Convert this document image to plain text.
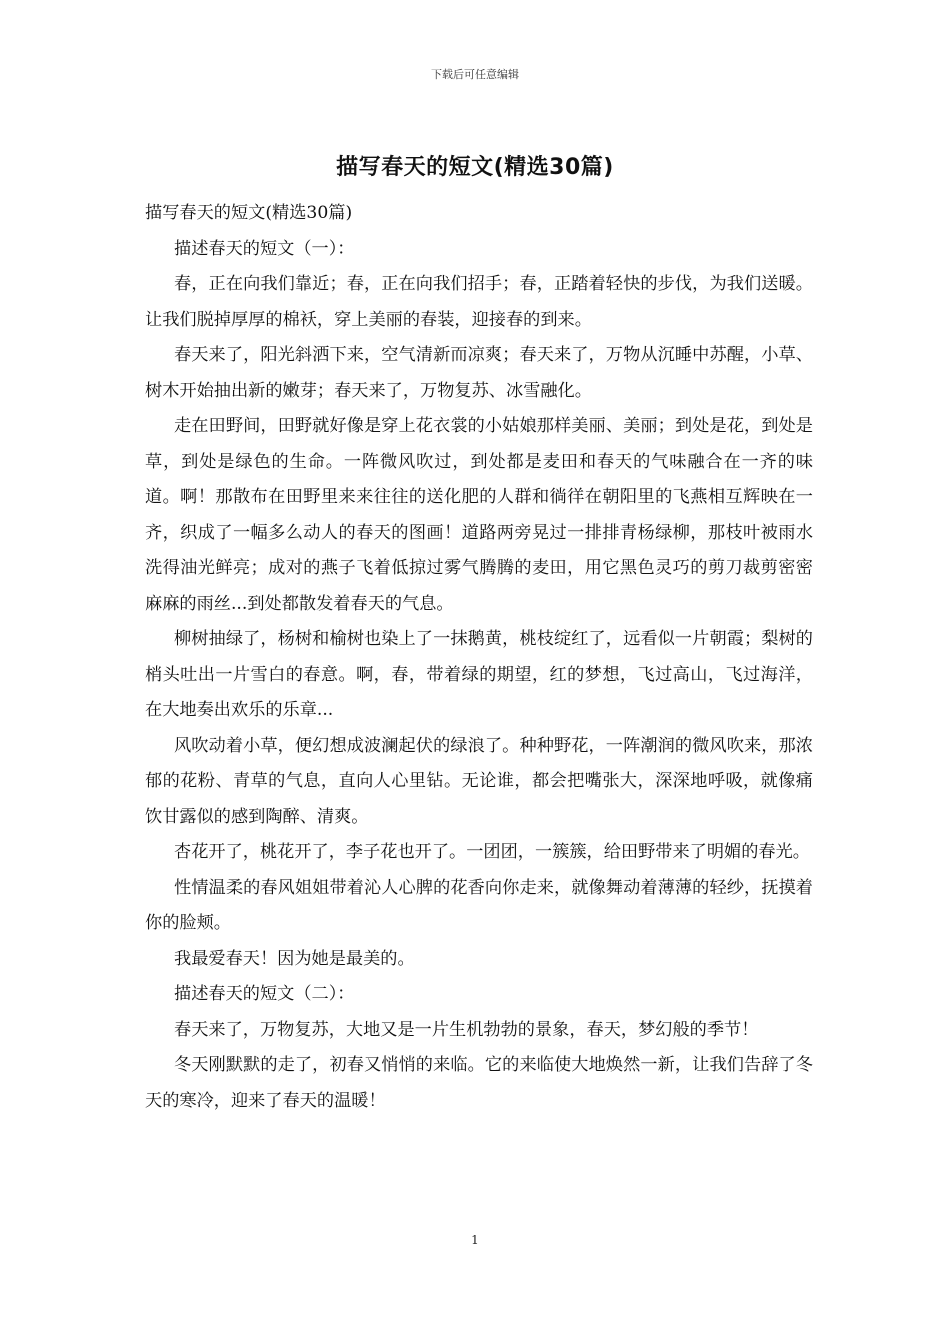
下载后可任意编辑
描写春天的短文(精选30篇)

描写春天的短文(精选30篇)

描述春天的短文（一）：

春，正在向我们靠近；春，正在向我们招手；春，正踏着轻快的步伐，为我们送暖。让我们脱掉厚厚的棉袄，穿上美丽的春装，迎接春的到来。

春天来了，阳光斜洒下来，空气清新而凉爽；春天来了，万物从沉睡中苏醒，小草、树木开始抽出新的嫩芽；春天来了，万物复苏、冰雪融化。

走在田野间，田野就好像是穿上花衣裳的小姑娘那样美丽、美丽；到处是花，到处是草，到处是绿色的生命。一阵微风吹过，到处都是麦田和春天的气味融合在一齐的味道。啊！那散布在田野里来来往往的送化肥的人群和徜徉在朝阳里的飞燕相互辉映在一齐，织成了一幅多么动人的春天的图画！道路两旁晃过一排排青杨绿柳，那枝叶被雨水洗得油光鲜亮；成对的燕子飞着低掠过雾气腾腾的麦田，用它黑色灵巧的剪刀裁剪密密麻麻的雨丝...到处都散发着春天的气息。

柳树抽绿了，杨树和榆树也染上了一抹鹅黄，桃枝绽红了，远看似一片朝霞；梨树的梢头吐出一片雪白的春意。啊，春，带着绿的期望，红的梦想，飞过高山，飞过海洋，在大地奏出欢乐的乐章...

风吹动着小草，便幻想成波澜起伏的绿浪了。种种野花，一阵潮润的微风吹来，那浓郁的花粉、青草的气息，直向人心里钻。无论谁，都会把嘴张大，深深地呼吸，就像痛饮甘露似的感到陶醉、清爽。

杏花开了，桃花开了，李子花也开了。一团团，一簇簇，给田野带来了明媚的春光。

性情温柔的春风姐姐带着沁人心脾的花香向你走来，就像舞动着薄薄的轻纱，抚摸着你的脸颊。

我最爱春天！因为她是最美的。

描述春天的短文（二）：

春天来了，万物复苏，大地又是一片生机勃勃的景象，春天，梦幻般的季节！

冬天刚默默的走了，初春又悄悄的来临。它的来临使大地焕然一新，让我们告辞了冬天的寒冷，迎来了春天的温暖！

1
